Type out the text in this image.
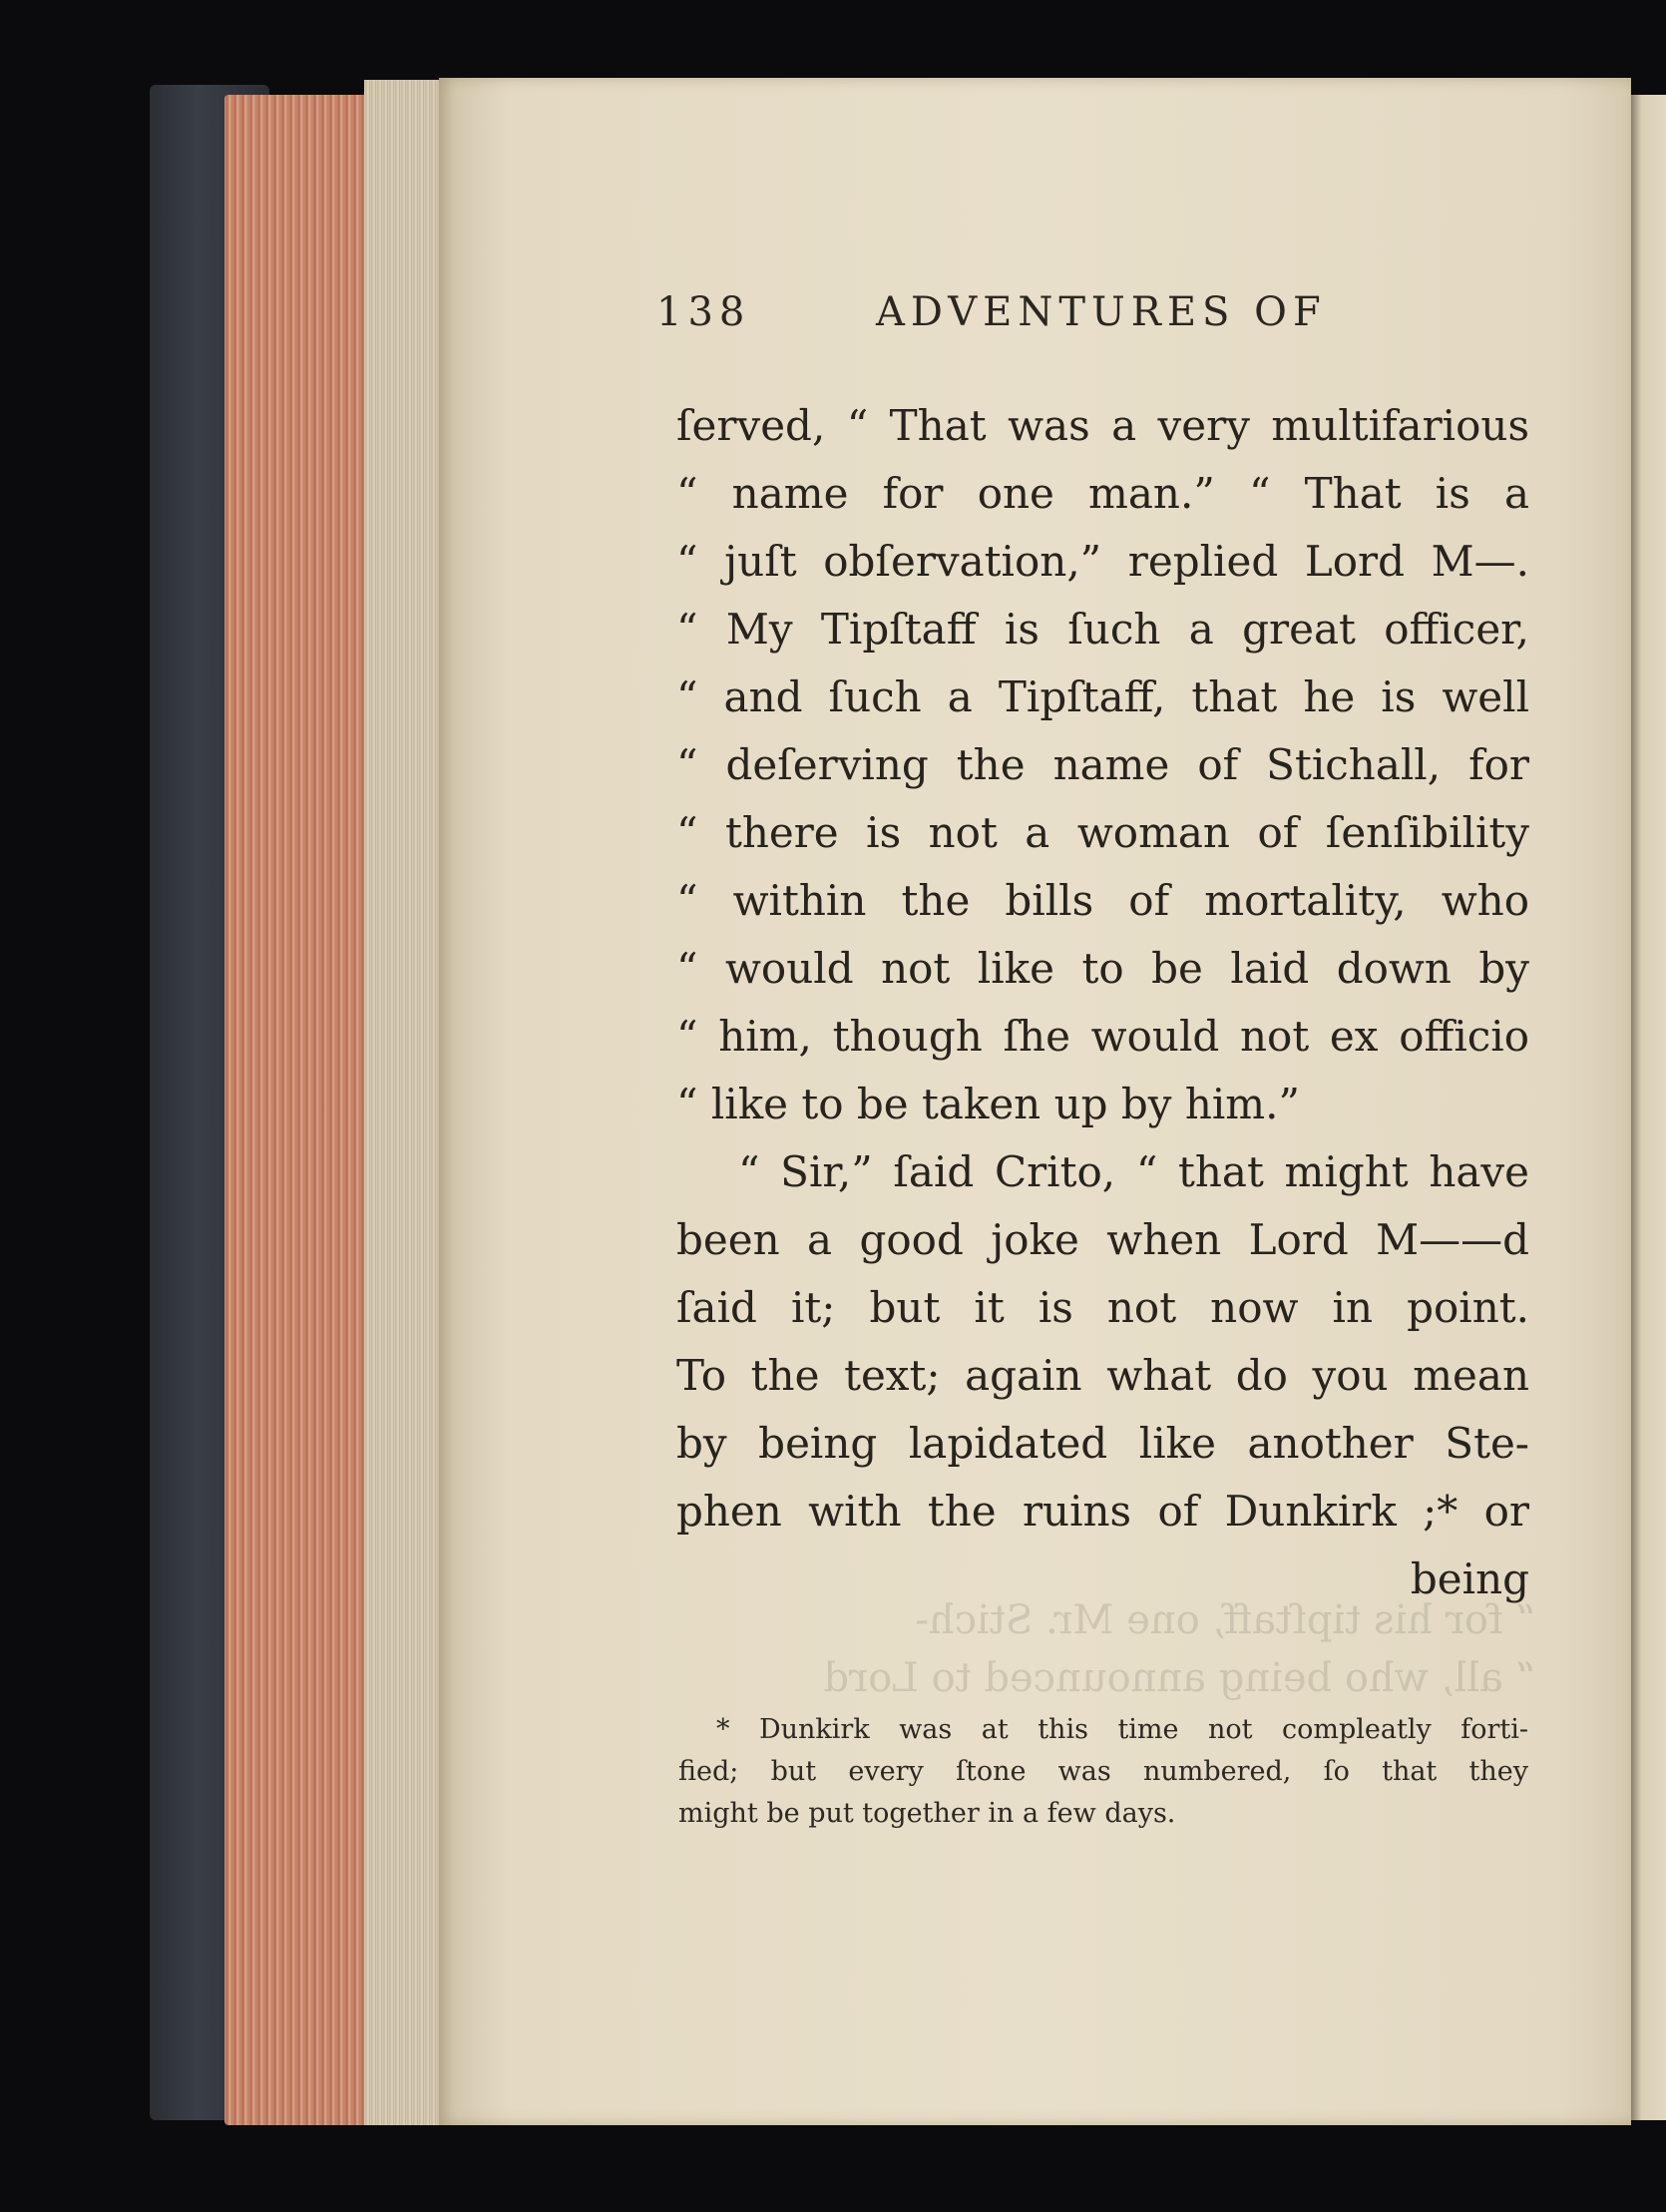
138	ADVENTURES OF
“ for his tipſtaff, one Mr. Stich-
“ all, who being announced to Lord
ſerved, “ That was a very multifarious
“ name for one man.” “ That is a
“ juſt obſervation,” replied Lord M—.
“ My Tipſtaff is ſuch a great officer,
“ and ſuch a Tipſtaff, that he is well
“ deſerving the name of Stichall, for
“ there is not a woman of ſenſibility
“ within the bills of mortality, who
“ would not like to be laid down by
“ him, though ſhe would not ex officio
“ like to be taken up by him.”
“ Sir,” ſaid Crito, “ that might have
been a good joke when Lord M——d
ſaid it; but it is not now in point.
To the text; again what do you mean
by being lapidated like another Ste-
phen with the ruins of Dunkirk ;* or
being
* Dunkirk was at this time not compleatly forti-
fied; but every ſtone was numbered, ſo that they
might be put together in a few days.
